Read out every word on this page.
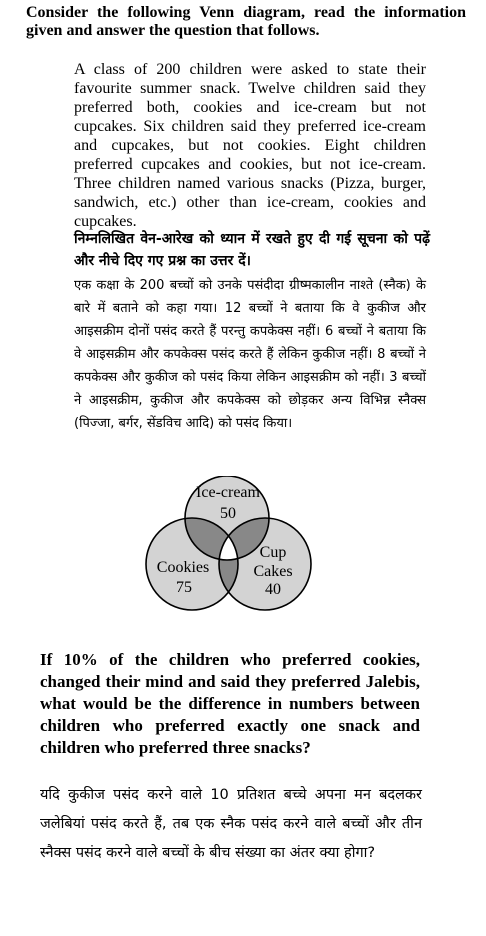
Consider the following Venn diagram, read the information given and answer the question that follows.
A class of 200 children were asked to state their favourite summer snack. Twelve children said they preferred both, cookies and ice-cream but not cupcakes. Six children said they preferred ice-cream and cupcakes, but not cookies. Eight children preferred cupcakes and cookies, but not ice-cream. Three children named various snacks (Pizza, burger, sandwich, etc.) other than ice-cream, cookies and cupcakes.
निम्नलिखित वेन-आरेख को ध्यान में रखते हुए दी गई सूचना को पढ़ें और नीचे दिए गए प्रश्न का उत्तर दें।
एक कक्षा के 200 बच्चों को उनके पसंदीदा ग्रीष्मकालीन नाश्ते (स्नैक) के बारे में बताने को कहा गया। 12 बच्चों ने बताया कि वे कुकीज और आइसक्रीम दोनों पसंद करते हैं परन्तु कपकेक्स नहीं। 6 बच्चों ने बताया कि वे आइसक्रीम और कपकेक्स पसंद करते हैं लेकिन कुकीज नहीं। 8 बच्चों ने कपकेक्स और कुकीज को पसंद किया लेकिन आइसक्रीम को नहीं। 3 बच्चों ने आइसक्रीम, कुकीज और कपकेक्स को छोड़कर अन्य विभिन्न स्नैक्स (पिज्जा, बर्गर, सेंडविच आदि) को पसंद किया।
Ice-cream
50
Cookies
75
Cup
Cakes
40
If 10% of the children who preferred cookies, changed their mind and said they preferred Jalebis, what would be the difference in numbers between children who preferred exactly one snack and children who preferred three snacks?
यदि कुकीज पसंद करने वाले 10 प्रतिशत बच्चे अपना मन बदलकर जलेबियां पसंद करते हैं, तब एक स्नैक पसंद करने वाले बच्चों और तीन स्नैक्स पसंद करने वाले बच्चों के बीच संख्या का अंतर क्या होगा?
